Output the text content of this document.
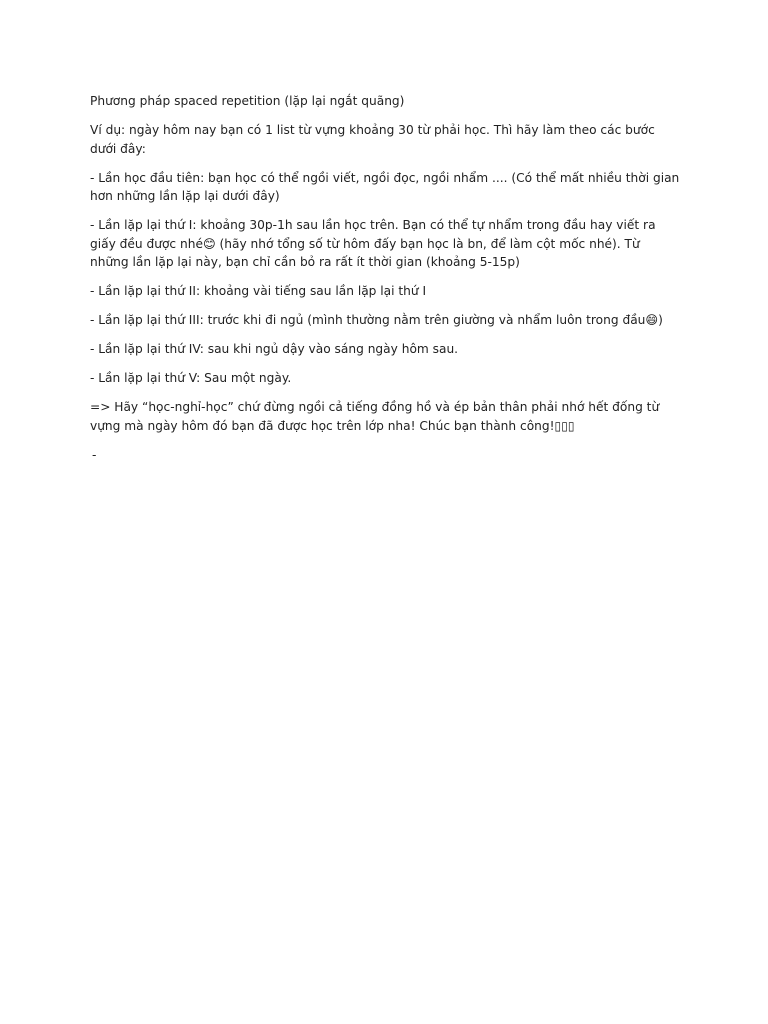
Phương pháp spaced repetition (lặp lại ngắt quãng)

Ví dụ: ngày hôm nay bạn có 1 list từ vựng khoảng 30 từ phải học. Thì hãy làm theo các bước dưới đây:

- Lần học đầu tiên: bạn học có thể ngồi viết, ngồi đọc, ngồi nhẩm .... (Có thể mất nhiều thời gian hơn những lần lặp lại dưới đây)

- Lần lặp lại thứ I: khoảng 30p-1h sau lần học trên. Bạn có thể tự nhẩm trong đầu hay viết ra giấy đều được nhé😊 (hãy nhớ tổng số từ hôm đấy bạn học là bn, để làm cột mốc nhé). Từ những lần lặp lại này, bạn chỉ cần bỏ ra rất ít thời gian (khoảng 5-15p)

- Lần lặp lại thứ II: khoảng vài tiếng sau lần lặp lại thứ I

- Lần lặp lại thứ III: trước khi đi ngủ (mình thường nằm trên giường và nhẩm luôn trong đầu😄)

- Lần lặp lại thứ IV: sau khi ngủ dậy vào sáng ngày hôm sau.

- Lần lặp lại thứ V: Sau một ngày.

=> Hãy “học-nghỉ-học” chứ đừng ngồi cả tiếng đồng hồ và ép bản thân phải nhớ hết đống từ vựng mà ngày hôm đó bạn đã được học trên lớp nha! Chúc bạn thành công!▯▯▯

-
